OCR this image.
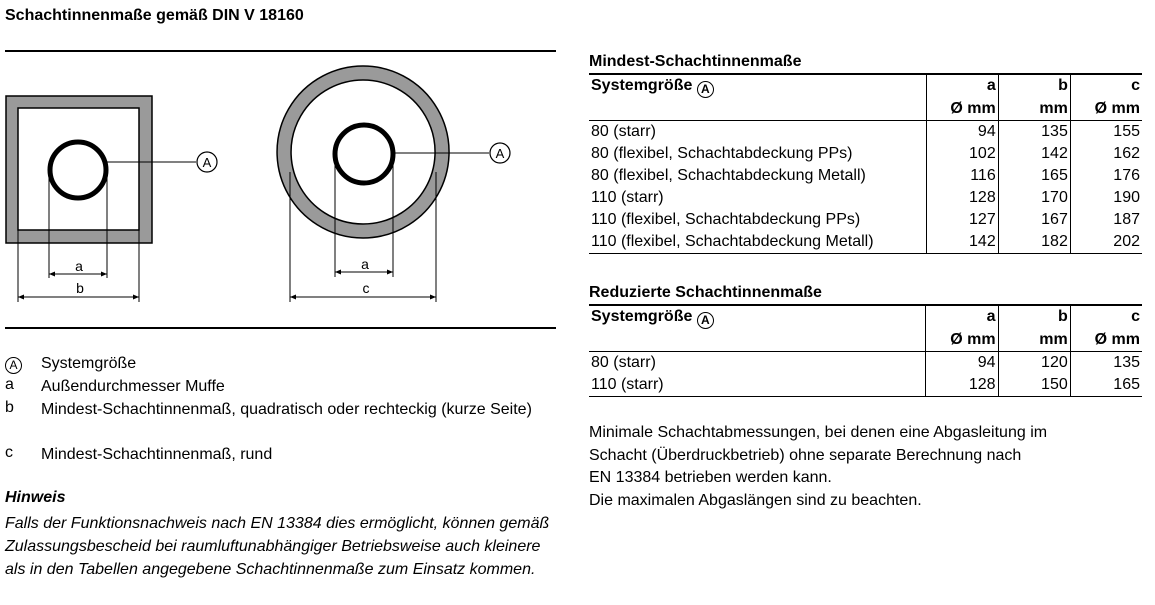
Schachtinnenmaße gemäß DIN V 18160
A
a
b
A
a
c
A	Systemgröße
a	Außendurchmesser Muffe
b	Mindest-Schachtinnenmaß, quadratisch oder rechteckig (kurze Seite)
c	Mindest-Schachtinnenmaß, rund
Hinweis
Falls der Funktionsnachweis nach EN 13384 dies ermöglicht, können gemäß Zulassungsbescheid bei raumluftunabhängiger Betriebsweise auch kleinere als in den Tabellen angegebene Schachtinnenmaße zum Einsatz kommen.
Mindest-Schachtinnenmaße
Systemgröße A	a	b	c
	Ø mm	mm	Ø mm
80 (starr)	94	135	155
80 (flexibel, Schachtabdeckung PPs)	102	142	162
80 (flexibel, Schachtabdeckung Metall)	116	165	176
110 (starr)	128	170	190
110 (flexibel, Schachtabdeckung PPs)	127	167	187
110 (flexibel, Schachtabdeckung Metall)	142	182	202
Reduzierte Schachtinnenmaße
Systemgröße A	a	b	c
	Ø mm	mm	Ø mm
80 (starr)	94	120	135
110 (starr)	128	150	165
Minimale Schachtabmessungen, bei denen eine Abgasleitung im
Schacht (Überdruckbetrieb) ohne separate Berechnung nach
EN 13384 betrieben werden kann.
Die maximalen Abgaslängen sind zu beachten.
